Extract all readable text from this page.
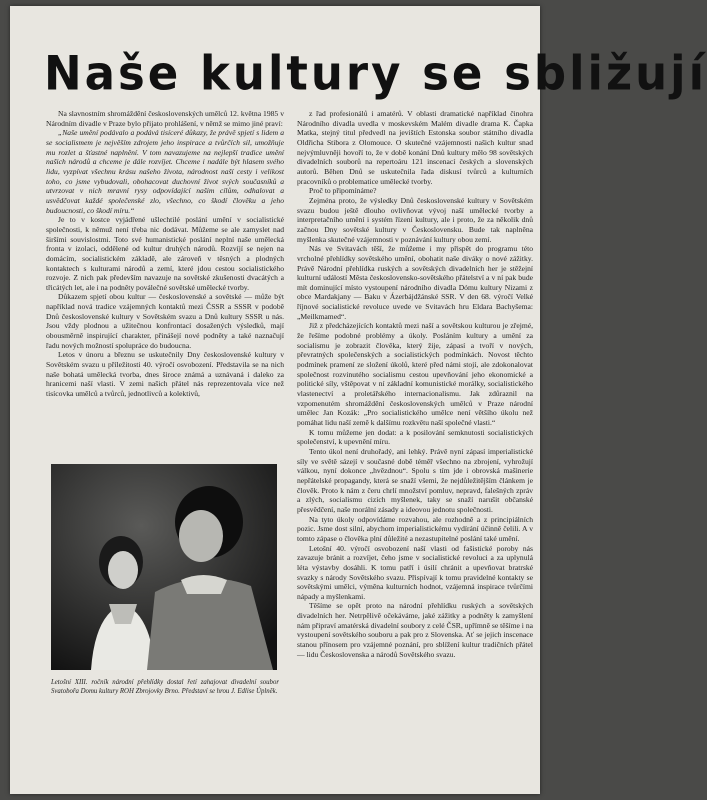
Naše kultury se sbližují

Na slavnostním shromáždění československých umělců 12. května 1985 v Národním divadle v Praze bylo přijato prohlášení, v němž se mimo jiné praví:

„Naše umění podávalo a podává tisíceré důkazy, že právě spjetí s lidem a se socialismem je nejvěším zdrojem jeho inspirace a tvůrčích sil, umožňuje mu rozlet a šťastné naplnění. V tom navazujeme na nejlepší tradice umění našich národů a chceme je dále rozvíjet. Chceme i nadále být hlasem svého lidu, vyzpívat všechnu krásu našeho života, národnost naší cesty i velikost toho, co jsme vybudovali, obohacovat duchovní život svých současníků a utvrzovat v nich mravní rysy odpovídající našim cílům, odhalovat a usvědčovat každé společenské zlo, všechno, co škodí člověku a jeho budoucnosti, co škodí míru.“

Je to v kostce vyjádřené ušlechtilé poslání umění v socialistické společnosti, k němuž není třeba nic dodávat. Můžeme se ale zamyslet nad širšími souvislostmi. Toto své humanistické poslání neplní naše umělecká fronta v izolaci, oddělené od kultur druhých národů. Rozvíjí se nejen na domácím, socialistickém základě, ale zároveň v těsných a plodných kontaktech s kulturami národů a zemí, které jdou cestou socialistického rozvoje. Z nich pak především navazuje na sovětské zkušenosti dvacátých a třicátých let, ale i na podněty poválečné sovětské umělecké tvorby.

Důkazem spjetí obou kultur — československé a sovětské — může být například nová tradice vzájemných kontaktů mezi ČSSR a SSSR v podobě Dnů československé kultury v Sovětském svazu a Dnů kultury SSSR u nás. Jsou vždy plodnou a užitečnou konfrontací dosažených výsledků, mají obousměrně inspirující charakter, přinášejí nové podněty a také naznačují řadu nových možností spolupráce do budoucna.

Letos v únoru a březnu se uskutečnily Dny československé kultury v Sovětském svazu u příležitosti 40. výročí osvobození. Představila se na nich naše bohatá umělecká tvorba, dnes široce známá a uznávaná i daleko za hranicemi naší vlasti. V zemi našich přátel nás reprezentovala více než tisícovka umělců a tvůrců, jednotlivců a kolektivů,

z řad profesionálů i amatérů. V oblasti dramatické například činohra Národního divadla uvedla v moskevském Malém divadle drama K. Čapka Matka, stejný titul předvedl na jevištích Estonska soubor státního divadla Oldřicha Stibora z Olomouce. O skutečné vzájemnosti našich kultur snad nejvýmluvněji hovoří to, že v době konání Dnů kultury mělo 98 sovětských divadelních souborů na repertoáru 121 inscenací českých a slovenských autorů. Běhen Dnů se uskutečnila řada diskusí tvůrců a kulturních pracovníků o problematice umělecké tvorby.

Proč to připomínáme?

Zejména proto, že výsledky Dnů československé kultury v Sovětském svazu budou ještě dlouho ovlivňovat vývoj naší umělecké tvorby a interpretačního umění i systém řízení kultury, ale i proto, že za několik dnů začnou Dny sovětské kultury v Československu. Bude tak naplněna myšlenka skutečné vzájemnosti v poznávání kultury obou zemí.

Nás ve Svitavách těší, že můžeme i my přispět do programu této vrcholné přehlídky sovětského umění, obohatit naše diváky o nové zážitky. Právě Národní přehlídka ruských a sovětských divadelních her je stěžejní kulturní událostí Města československo-sovětského přátelství a v ní pak bude mít dominující místo vystoupení národního divadla Dómu kultury Nizami z obce Mardakjany — Baku v Ázerbájdžánské SSR. V den 68. výročí Velké říjnové socialistické revoluce uvede ve Svitavách hru Eldara Bachyšema: „Meilkmamed“.

Již z předcházejících kontaktů mezi naší a sovětskou kulturou je zřejmé, že řešíme podobné problémy a úkoly. Posláním kultury a umění za socialismu je zobrazit člověka, který žije, zápasí a tvoří v nových, převratných společenských a socialistických podmínkách. Novost těchto podmínek pramení ze složení úkolů, které před námi stojí, ale zdokonalovat společnost rozvinutého socialismu cestou upevňování jeho ekonomické a politické síly, vštěpovat v ní základní komunistické morálky, socialistického vlastenectví a proletářského internacionalismu. Jak zdůraznil na vzpomenutém shromáždění československých umělců v Praze národní umělec Jan Kozák: „Pro socialistického umělce není většího úkolu než pomáhat lidu naší země k dalšímu rozkvětu naší společné vlasti.“

K tomu můžeme jen dodat: a k posilování semknutosti socialistických společenství, k upevnění míru.

Tento úkol není druhořadý, ani lehký. Právě nyní zápasí imperialistické síly ve světě sázejí v současné době téměř všechno na zbrojení, vyhrožují válkou, nyní dokonce „hvězdnou“. Spolu s tím jde i obrovská mašinerie nepřátelské propagandy, která se snaží všemi, že nejdůležitějším článkem je člověk. Proto k nám z čeru chrlí množství pomluv, nepravd, falešných zpráv a zlých, socialismu cizích myšlenek, taky se snaží narušit občanské přesvědčení, naše morální zásady a ideovou jednotu společnosti.

Na tyto úkoly odpovídáme rozvahou, ale rozhodně a z principiálních pozic. Jsme dost silní, abychom imperialistickému vydírání účinně čelili. A v tomto zápase o člověka plní důležité a nezastupitelné poslání také umění.

Letošní 40. výročí osvobození naší vlasti od fašistické poroby nás zavazuje bránit a rozvíjet, čeho jsme v socialistické revoluci a za uplynulá léta výstavby dosáhli. K tomu patří i úsilí chránit a upevňovat bratrské svazky s národy Sovětského svazu. Přispívají k tomu pravidelné kontakty se sovětskými umělci, výměna kulturních hodnot, vzájemná inspirace tvůrčími nápady a myšlenkami.

Těšíme se opět proto na národní přehlídku ruských a sovětských divadelních her. Netrpělivě očekáváme, jaké zážitky a podněty k zamyšlení nám připraví amatérská divadelní soubory z celé ČSR, upřímně se těšíme i na vystoupení sovětského souboru a pak pro z Slovenska. Ať se jejich inscenace stanou přínosem pro vzájemné poznání, pro sblížení kultur tradičních přátel — lidu Československa a národů Sovětského svazu.

Letošní XIII. ročník národní přehlídky dostal řetí zahajovat divadelní soubor Svatobořa Domu kultury ROH Zbrojovky Brno. Představí se hrou J. Edlise Úplněk.
